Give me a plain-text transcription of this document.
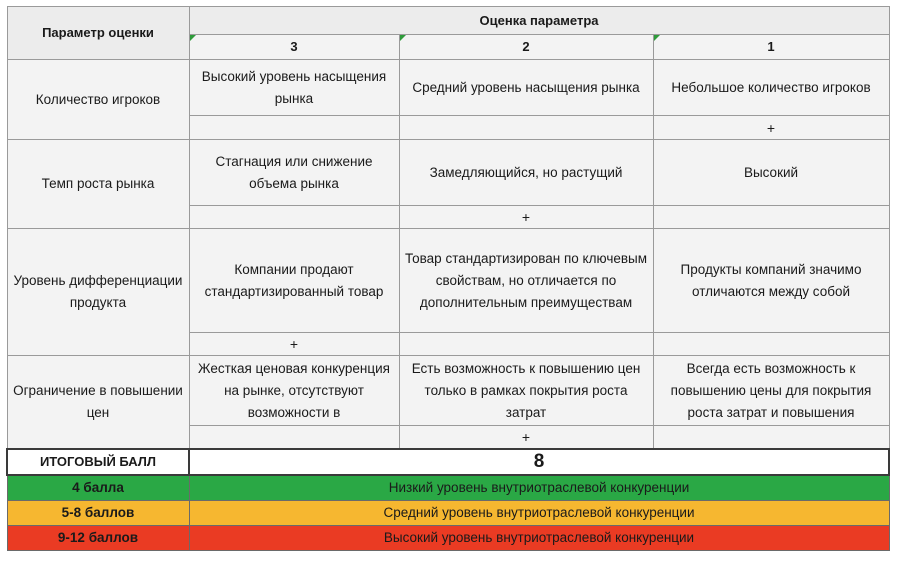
Параметр оценки	Оценка параметра		
	3	2	1
Количество игроков	Высокий уровень насыщения рынка	Средний уровень насыщения рынка	Небольшое количество игроков
			+
Темп роста рынка	Стагнация или снижение объема рынка	Замедляющийся, но растущий	Высокий
		+	
Уровень дифференциации продукта	Компании продают стандартизированный товар	Товар стандартизирован по ключевым свойствам, но отличается по дополнительным преимуществам	Продукты компаний значимо отличаются между собой
	+		
Ограничение в повышении цен	Жесткая ценовая конкуренция на рынке, отсутствуют возможности в	Есть возможность к повышению цен только в рамках покрытия роста затрат	Всегда есть возможность к повышению цены для покрытия роста затрат и повышения
		+	
ИТОГОВЫЙ БАЛЛ	8		
4 балла	Низкий уровень внутриотраслевой конкуренции		
5-8 баллов	Средний уровень внутриотраслевой конкуренции		
9-12 баллов	Высокий уровень внутриотраслевой конкуренции		
